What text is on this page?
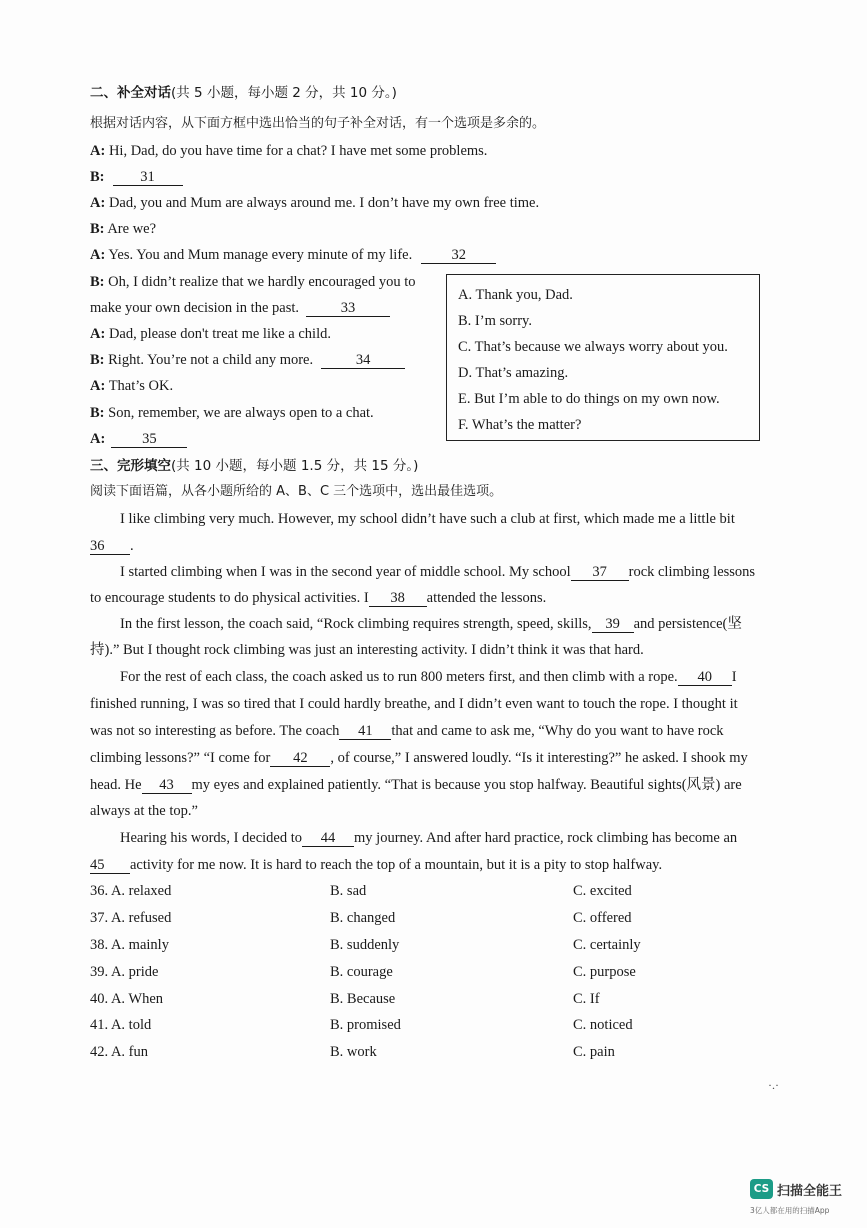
二、补全对话(共 5 小题，每小题 2 分，共 10 分。)
根据对话内容，从下面方框中选出恰当的句子补全对话，有一个选项是多余的。
A: Hi, Dad, do you have time for a chat? I have met some problems.
B: 31
A: Dad, you and Mum are always around me. I don’t have my own free time.
B: Are we?
A: Yes. You and Mum manage every minute of my life.	32
B: Oh, I didn’t realize that we hardly encouraged you to
make your own decision in the past.	33
A: Dad, please don't treat me like a child.
B: Right. You’re not a child any more.	34
A: That’s OK.
B: Son, remember, we are always open to a chat.
A:	35
A. Thank you, Dad.
B. I’m sorry.
C. That’s because we always worry about you.
D. That’s amazing.
E. But I’m able to do things on my own now.
F. What’s the matter?
三、完形填空(共 10 小题，每小题 1.5 分，共 15 分。)
阅读下面语篇，从各小题所给的 A、B、C 三个选项中，选出最佳选项。
I like climbing very much. However, my school didn’t have such a club at first, which made me a little bit
36 .
I started climbing when I was in the second year of middle school. My school 37 rock climbing lessons
to encourage students to do physical activities. I 38 attended the lessons.
In the first lesson, the coach said, “Rock climbing requires strength, speed, skills, 39 and persistence(坚
持).” But I thought rock climbing was just an interesting activity. I didn’t think it was that hard.
For the rest of each class, the coach asked us to run 800 meters first, and then climb with a rope. 40 I
finished running, I was so tired that I could hardly breathe, and I didn’t even want to touch the rope. I thought it
was not so interesting as before. The coach 41 that and came to ask me, “Why do you want to have rock
climbing lessons?” “I come for 42 , of course,” I answered loudly. “Is it interesting?” he asked. I shook my
head. He 43 my eyes and explained patiently. “That is because you stop halfway. Beautiful sights(风景) are
always at the top.”
Hearing his words, I decided to 44 my journey. And after hard practice, rock climbing has become an
45 activity for me now. It is hard to reach the top of a mountain, but it is a pity to stop halfway.
36. A. relaxed	B. sad	C. excited
37. A. refused	B. changed	C. offered
38. A. mainly	B. suddenly	C. certainly
39. A. pride	B. courage	C. purpose
40. A. When	B. Because	C. If
41. A. told	B. promised	C. noticed
42. A. fun	B. work	C. pain
·.·
CS 扫描全能王
3亿人都在用的扫描App
